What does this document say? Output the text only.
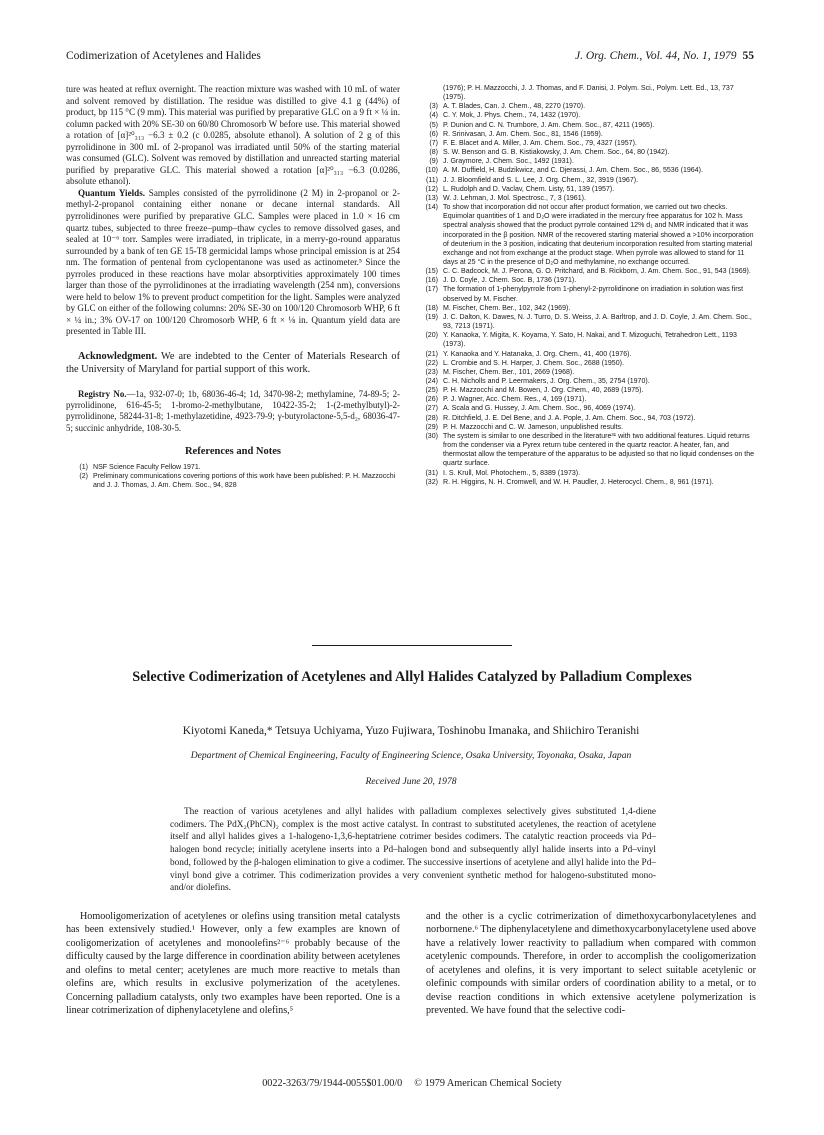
Codimerization of Acetylenes and Halides	J. Org. Chem., Vol. 44, No. 1, 1979 55

ture was heated at reflux overnight. The reaction mixture was washed with 10 mL of water and solvent removed by distillation. The residue was distilled to give 4.1 g (44%) of product, bp 115 °C (9 mm). This material was purified by preparative GLC on a 9 ft × ¼ in. column packed with 20% SE-30 on 60/80 Chromosorb W before use. This material showed a rotation of [α]²⁰₃₁₃ −6.3 ± 0.2 (c 0.0285, absolute ethanol). A solution of 2 g of this pyrrolidinone in 300 mL of 2-propanol was irradiated until 50% of the starting material was consumed (GLC). Solvent was removed by distillation and unreacted starting material purified by preparative GLC. This material showed a rotation [α]²⁰₃₁₃ −6.3 (0.0286, absolute ethanol).

Quantum Yields. Samples consisted of the pyrrolidinone (2 M) in 2-propanol or 2-methyl-2-propanol containing either nonane or decane internal standards. All pyrrolidinones were purified by preparative GLC. Samples were placed in 1.0 × 16 cm quartz tubes, subjected to three freeze–pump–thaw cycles to remove dissolved gases, and sealed at 10⁻⁶ torr. Samples were irradiated, in triplicate, in a merry-go-round apparatus surrounded by a bank of ten GE 15-T8 germicidal lamps whose principal emission is at 254 nm. The formation of pentenal from cyclopentanone was used as actinometer.⁵ Since the pyrroles produced in these reactions have molar absorptivities approximately 100 times larger than those of the pyrrolidinones at the irradiating wavelength (254 nm), conversions were held to below 1% to prevent product competition for the light. Samples were analyzed by GLC on either of the following columns: 20% SE-30 on 100/120 Chromosorb WHP, 6 ft × ¼ in.; 3% OV-17 on 100/120 Chromosorb WHP, 6 ft × ⅛ in. Quantum yield data are presented in Table III.

Acknowledgment. We are indebted to the Center of Materials Research of the University of Maryland for partial support of this work.

Registry No.—1a, 932-07-0; 1b, 68036-46-4; 1d, 3470-98-2; methylamine, 74-89-5; 2-pyrrolidinone, 616-45-5; 1-bromo-2-methylbutane, 10422-35-2; 1-(2-methylbutyl)-2-pyrrolidinone, 58244-31-8; 1-methylazetidine, 4923-79-9; γ-butyrolactone-5,5-d₂, 68036-47-5; succinic anhydride, 108-30-5.

References and Notes
(1) NSF Science Faculty Fellow 1971.
(2) Preliminary communications covering portions of this work have been published: P. H. Mazzocchi and J. J. Thomas, J. Am. Chem. Soc., 94, 828
(1976); P. H. Mazzocchi, J. J. Thomas, and F. Danisi, J. Polym. Sci., Polym. Lett. Ed., 13, 737 (1975).
(3) A. T. Blades, Can. J. Chem., 48, 2270 (1970).
(4) C. Y. Mok, J. Phys. Chem., 74, 1432 (1970).
(5) P. Dunion and C. N. Trumbore, J. Am. Chem. Soc., 87, 4211 (1965).
(6) R. Srinivasan, J. Am. Chem. Soc., 81, 1546 (1959).
(7) F. E. Blacet and A. Miller, J. Am. Chem. Soc., 79, 4327 (1957).
(8) S. W. Benson and G. B. Kistiakowsky, J. Am. Chem. Soc., 64, 80 (1942).
(9) J. Graymore, J. Chem. Soc., 1492 (1931).
(10) A. M. Duffield, H. Budzikwicz, and C. Djerassi, J. Am. Chem. Soc., 86, 5536 (1964).
(11) J. J. Bloomfield and S. L. Lee, J. Org. Chem., 32, 3919 (1967).
(12) L. Rudolph and D. Vaclav, Chem. Listy, 51, 139 (1957).
(13) W. J. Lehman, J. Mol. Spectrosc., 7, 3 (1961).
(14) To show that incorporation did not occur after product formation, we carried out two checks. Equimolar quantities of 1 and D₂O were irradiated in the mercury free apparatus for 102 h. Mass spectral analysis showed that the product pyrrole contained 12% d₁ and NMR indicated that it was incorporated in the β position. NMR of the recovered starting material showed a >10% incorporation of deuterium in the 3 position, indicating that deuterium incorporation resulted from starting material exchange and not from exchange at the product stage. When pyrrole was allowed to stand for 11 days at 25 °C in the presence of D₂O and methylamine, no exchange occurred.
(15) C. C. Badcock, M. J. Perona, G. O. Pritchard, and B. Rickborn, J. Am. Chem. Soc., 91, 543 (1969).
(16) J. D. Coyle, J. Chem. Soc. B, 1736 (1971).
(17) The formation of 1-phenylpyrrole from 1-phenyl-2-pyrrolidinone on irradiation in solution was first observed by M. Fischer.
(18) M. Fischer, Chem. Ber., 102, 342 (1969).
(19) J. C. Dalton, K. Dawes, N. J. Turro, D. S. Weiss, J. A. Barltrop, and J. D. Coyle, J. Am. Chem. Soc., 93, 7213 (1971).
(20) Y. Kanaoka, Y. Migita, K. Koyama, Y. Sato, H. Nakai, and T. Mizoguchi, Tetrahedron Lett., 1193 (1973).
(21) Y. Kanaoka and Y. Hatanaka, J. Org. Chem., 41, 400 (1976).
(22) L. Crombie and S. H. Harper, J. Chem. Soc., 2688 (1950).
(23) M. Fischer, Chem. Ber., 101, 2669 (1968).
(24) C. H. Nicholls and P. Leermakers, J. Org. Chem., 35, 2754 (1970).
(25) P. H. Mazzocchi and M. Bowen, J. Org. Chem., 40, 2689 (1975).
(26) P. J. Wagner, Acc. Chem. Res., 4, 169 (1971).
(27) A. Scala and G. Hussey, J. Am. Chem. Soc., 96, 4069 (1974).
(28) R. Ditchfield, J. E. Del Bene, and J. A. Pople, J. Am. Chem. Soc., 94, 703 (1972).
(29) P. H. Mazzocchi and C. W. Jameson, unpublished results.
(30) The system is similar to one described in the literature³¹ with two additional features. Liquid returns from the condenser via a Pyrex return tube centered in the quartz reactor. A heater, fan, and thermostat allow the temperature of the apparatus to be adjusted so that no liquid condenses on the quartz surface.
(31) I. S. Krull, Mol. Photochem., 5, 8389 (1973).
(32) R. H. Higgins, N. H. Cromwell, and W. H. Paudler, J. Heterocycl. Chem., 8, 961 (1971).
Selective Codimerization of Acetylenes and Allyl Halides Catalyzed by Palladium Complexes

Kiyotomi Kaneda,* Tetsuya Uchiyama, Yuzo Fujiwara, Toshinobu Imanaka, and Shiichiro Teranishi

Department of Chemical Engineering, Faculty of Engineering Science, Osaka University, Toyonaka, Osaka, Japan

Received June 20, 1978

The reaction of various acetylenes and allyl halides with palladium complexes selectively gives substituted 1,4-diene codimers. The PdX₂(PhCN)₂ complex is the most active catalyst. In contrast to substituted acetylenes, the reaction of acetylene itself and allyl halides gives a 1-halogeno-1,3,6-heptatriene cotrimer besides codimers. The catalytic reaction proceeds via Pd–halogen bond recycle; initially acetylene inserts into a Pd–halogen bond and subsequently allyl halide inserts into a Pd–vinyl bond, followed by the β-halogen elimination to give a codimer. The successive insertions of acetylene and allyl halide into the Pd–vinyl bond give a cotrimer. This codimerization provides a very convenient synthetic method for halogeno-substituted mono- and/or diolefins.

Homooligomerization of acetylenes or olefins using transition metal catalysts has been extensively studied.¹ However, only a few examples are known of cooligomerization of acetylenes and monoolefins²⁻⁶ probably because of the difficulty caused by the large difference in coordination ability between acetylenes and olefins to metal center; acetylenes are much more reactive to metals than olefins are, which results in exclusive polymerization of the acetylenes. Concerning palladium catalysts, only two examples have been reported. One is a linear cotrimerization of diphenylacetylene and olefins,⁵

and the other is a cyclic cotrimerization of dimethoxycarbonylacetylenes and norbornene.⁶ The diphenylacetylene and dimethoxycarbonylacetylene used above have a relatively lower reactivity to palladium when compared with common acetylenic compounds. Therefore, in order to accomplish the cooligomerization of acetylenes and olefins, it is very important to select suitable acetylenic or olefinic compounds with similar orders of coordination ability to a metal, or to devise reaction conditions in which extensive acetylene polymerization is prevented. We have found that the selective codi-

0022-3263/79/1944-0055$01.00/0 © 1979 American Chemical Society
